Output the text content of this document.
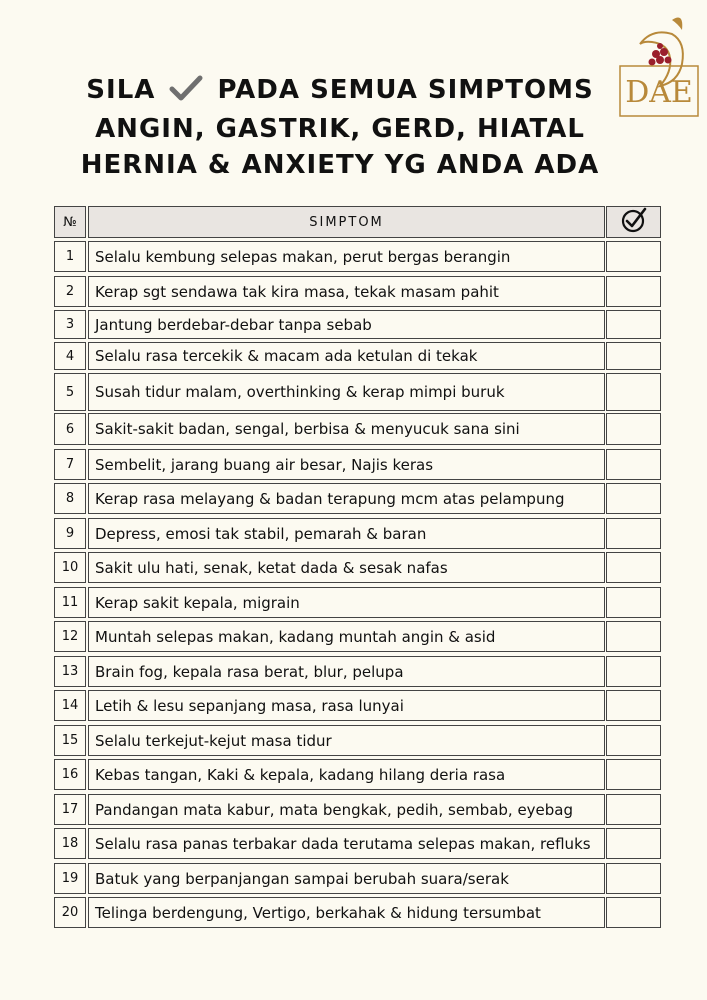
DAE
SILA PADA SEMUA SIMPTOMS
ANGIN, GASTRIK, GERD, HIATAL
HERNIA & ANXIETY YG ANDA ADA
№	SIMPTOM
1	Selalu kembung selepas makan, perut bergas berangin
2	Kerap sgt sendawa tak kira masa, tekak masam pahit
3	Jantung berdebar-debar tanpa sebab
4	Selalu rasa tercekik & macam ada ketulan di tekak
5	Susah tidur malam, overthinking & kerap mimpi buruk
6	Sakit-sakit badan, sengal, berbisa & menyucuk sana sini
7	Sembelit, jarang buang air besar, Najis keras
8	Kerap rasa melayang & badan terapung mcm atas pelampung
9	Depress, emosi tak stabil, pemarah & baran
10	Sakit ulu hati, senak, ketat dada & sesak nafas
11	Kerap sakit kepala, migrain
12	Muntah selepas makan, kadang muntah angin & asid
13	Brain fog, kepala rasa berat, blur, pelupa
14	Letih & lesu sepanjang masa, rasa lunyai
15	Selalu terkejut-kejut masa tidur
16	Kebas tangan, Kaki & kepala, kadang hilang deria rasa
17	Pandangan mata kabur, mata bengkak, pedih, sembab, eyebag
18	Selalu rasa panas terbakar dada terutama selepas makan, refluks
19	Batuk yang berpanjangan sampai berubah suara/serak
20	Telinga berdengung, Vertigo, berkahak & hidung tersumbat
